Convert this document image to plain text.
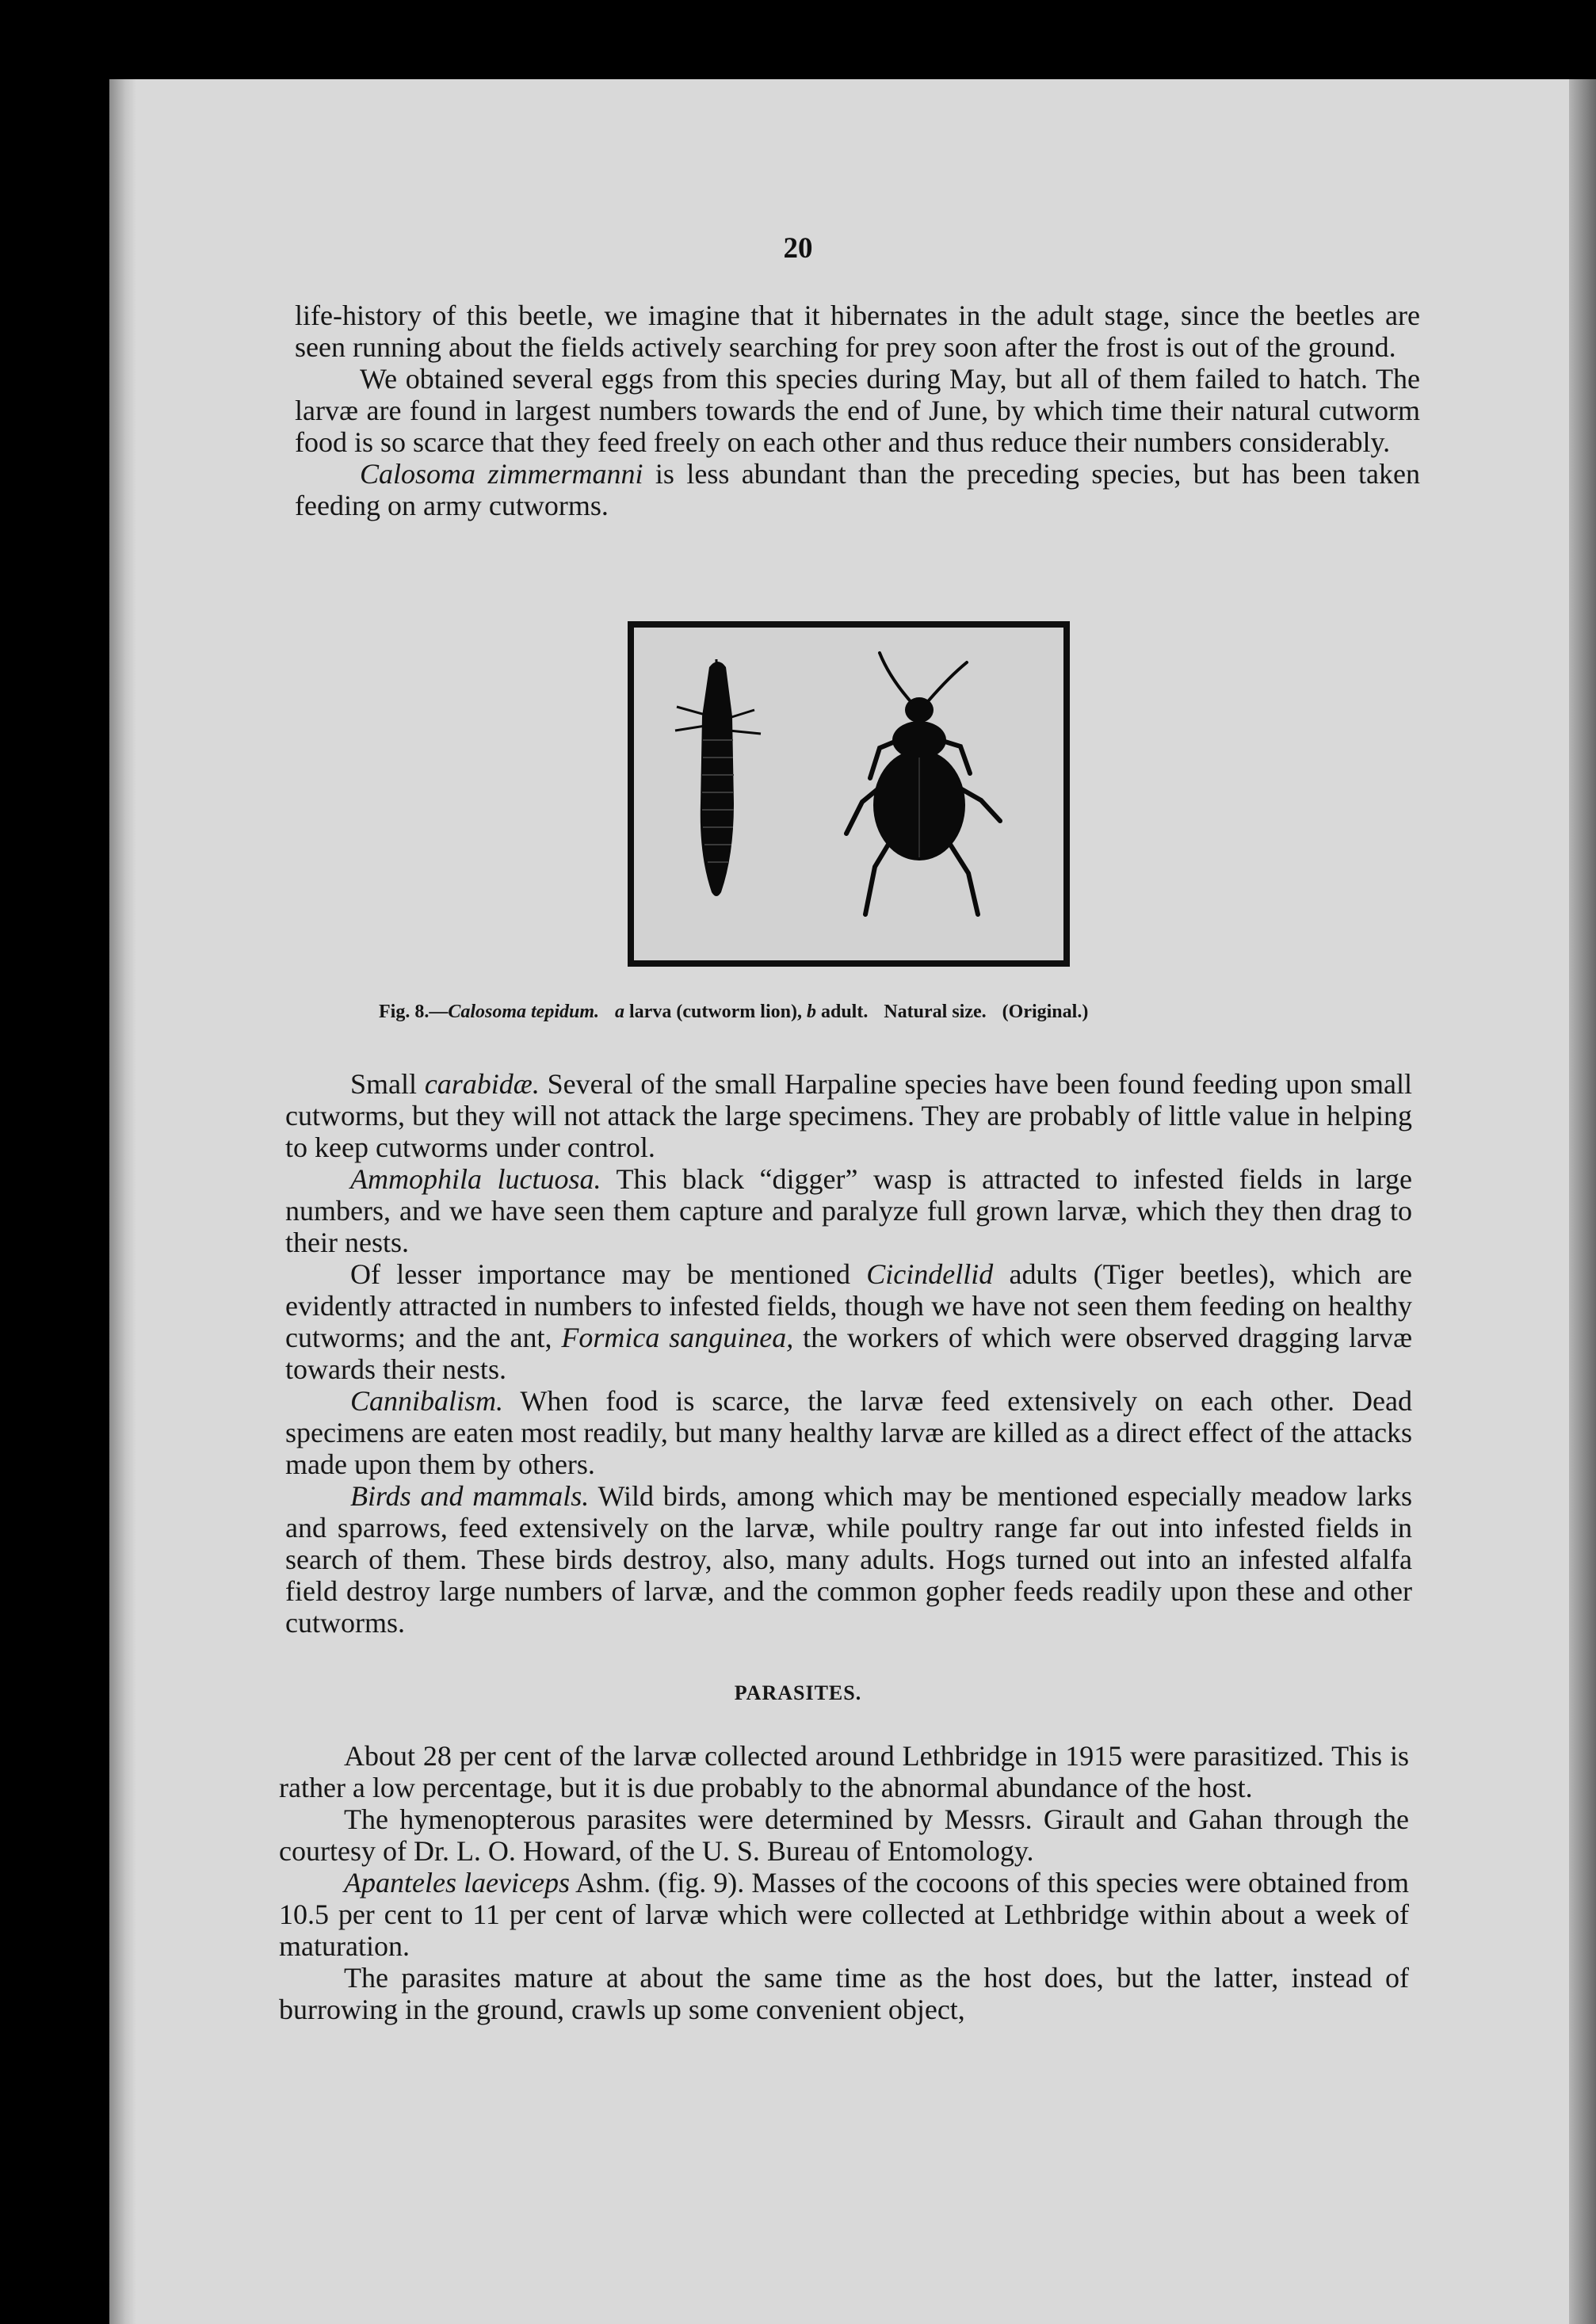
20

life-history of this beetle, we imagine that it hibernates in the adult stage, since the beetles are seen running about the fields actively searching for prey soon after the frost is out of the ground.

We obtained several eggs from this species during May, but all of them failed to hatch. The larvæ are found in largest numbers towards the end of June, by which time their natural cutworm food is so scarce that they feed freely on each other and thus reduce their numbers considerably.

Calosoma zimmermanni is less abundant than the preceding species, but has been taken feeding on army cutworms.

Fig. 8.—Calosoma tepidum. a larva (cutworm lion), b adult. Natural size. (Original.)

Small carabidæ. Several of the small Harpaline species have been found feeding upon small cutworms, but they will not attack the large specimens. They are probably of little value in helping to keep cutworms under control.

Ammophila luctuosa. This black “digger” wasp is attracted to infested fields in large numbers, and we have seen them capture and paralyze full grown larvæ, which they then drag to their nests.

Of lesser importance may be mentioned Cicindellid adults (Tiger beetles), which are evidently attracted in numbers to infested fields, though we have not seen them feeding on healthy cutworms; and the ant, Formica sanguinea, the workers of which were observed dragging larvæ towards their nests.

Cannibalism. When food is scarce, the larvæ feed extensively on each other. Dead specimens are eaten most readily, but many healthy larvæ are killed as a direct effect of the attacks made upon them by others.

Birds and mammals. Wild birds, among which may be mentioned especially meadow larks and sparrows, feed extensively on the larvæ, while poultry range far out into infested fields in search of them. These birds destroy, also, many adults. Hogs turned out into an infested alfalfa field destroy large numbers of larvæ, and the common gopher feeds readily upon these and other cutworms.

PARASITES.

About 28 per cent of the larvæ collected around Lethbridge in 1915 were parasitized. This is rather a low percentage, but it is due probably to the abnormal abundance of the host.

The hymenopterous parasites were determined by Messrs. Girault and Gahan through the courtesy of Dr. L. O. Howard, of the U. S. Bureau of Entomology.

Apanteles laeviceps Ashm. (fig. 9). Masses of the cocoons of this species were obtained from 10.5 per cent to 11 per cent of larvæ which were collected at Lethbridge within about a week of maturation.

The parasites mature at about the same time as the host does, but the latter, instead of burrowing in the ground, crawls up some convenient object,
